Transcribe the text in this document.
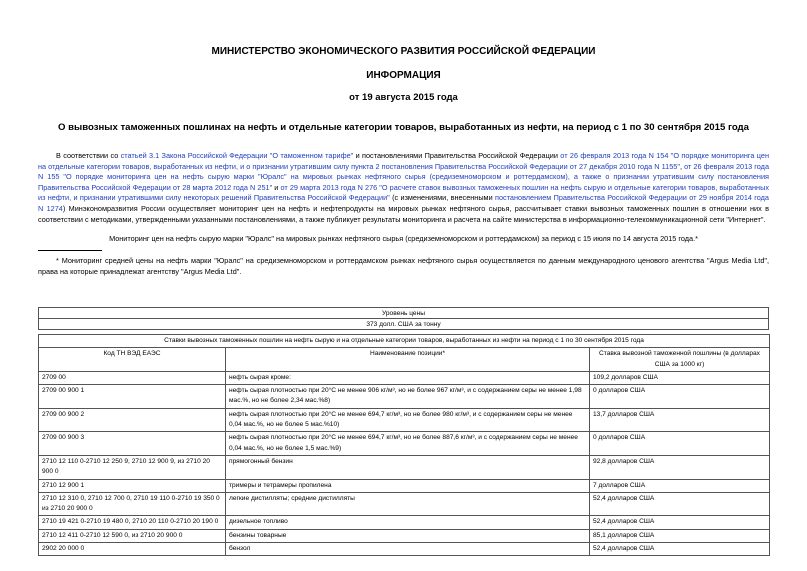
МИНИСТЕРСТВО ЭКОНОМИЧЕСКОГО РАЗВИТИЯ РОССИЙСКОЙ ФЕДЕРАЦИИ
ИНФОРМАЦИЯ
от 19 августа 2015 года
О вывозных таможенных пошлинах на нефть и отдельные категории товаров, выработанных из нефти, на период с 1 по 30 сентября 2015 года
В соответствии со статьей 3.1 Закона Российской Федерации "О таможенном тарифе" и постановлениями Правительства Российской Федерации от 26 февраля 2013 года N 154 "О порядке мониторинга цен на отдельные категории товаров, выработанных из нефти, и о признании утратившим силу пункта 2 постановления Правительства Российской Федерации от 27 декабря 2010 года N 1155", от 26 февраля 2013 года N 155 "О порядке мониторинга цен на нефть сырую марки "Юралс" на мировых рынках нефтяного сырья (средиземноморском и роттердамском), а также о признании утратившим силу постановления Правительства Российской Федерации от 28 марта 2012 года N 251" и от 29 марта 2013 года N 276 "О расчете ставок вывозных таможенных пошлин на нефть сырую и отдельные категории товаров, выработанных из нефти, и признании утратившими силу некоторых решений Правительства Российской Федерации" (с изменениями, внесенными постановлением Правительства Российской Федерации от 29 ноября 2014 года N 1274) Минэкономразвития России осуществляет мониторинг цен на нефть и нефтепродукты на мировых рынках нефтяного сырья, рассчитывает ставки вывозных таможенных пошлин в отношении них в соответствии с методиками, утвержденными указанными постановлениями, а также публикует результаты мониторинга и расчета на сайте министерства в информационно-телекоммуникационной сети "Интернет".
Мониторинг цен на нефть сырую марки "Юралс" на мировых рынках нефтяного сырья (средиземноморском и роттердамском) за период с 15 июля по 14 августа 2015 года.*
* Мониторинг средней цены на нефть марки "Юралс" на средиземноморском и роттердамском рынках нефтяного сырья осуществляется по данным международного ценового агентства "Argus Media Ltd", права на которые принадлежат агентству "Argus Media Ltd".
Уровень цены
373 долл. США за тонну
Ставки вывозных таможенных пошлин на нефть сырую и на отдельные категории товаров, выработанных из нефти на период с 1 по 30 сентября 2015 года		
Код ТН ВЭД ЕАЭС	Наименование позиции*	Ставка вывозной таможенной пошлины (в долларах США за 1000 кг)
2709 00	нефть сырая кроме:	109,2 долларов США
2709 00 900 1	нефть сырая плотностью при 20°С не менее 906 кг/м³, но не более 967 кг/м³, и с содержанием серы не менее 1,98 мас.%, но не более 2,34 мас.%8)	0 долларов США
2709 00 900 2	нефть сырая плотностью при 20°С не менее 694,7 кг/м³, но не более 980 кг/м³, и с содержанием серы не менее 0,04 мас.%, но не более 5 мас.%10)	13,7 долларов США
2709 00 900 3	нефть сырая плотностью при 20°С не менее 694,7 кг/м³, но не более 887,6 кг/м³, и с содержанием серы не менее 0,04 мас.%, но не более 1,5 мас.%9)	0 долларов США
2710 12 110 0-2710 12 250 9, 2710 12 900 9, из 2710 20 900 0	прямогонный бензин	92,8 долларов США
2710 12 900 1	тримеры и тетрамеры пропилена	7 долларов США
2710 12 310 0, 2710 12 700 0, 2710 19 110 0-2710 19 350 0 из 2710 20 900 0	легкие дистилляты; средние дистилляты	52,4 долларов США
2710 19 421 0-2710 19 480 0, 2710 20 110 0-2710 20 190 0	дизельное топливо	52,4 долларов США
2710 12 411 0-2710 12 590 0, из 2710 20 900 0	бензины товарные	85,1 долларов США
2902 20 000 0	бензол	52,4 долларов США
